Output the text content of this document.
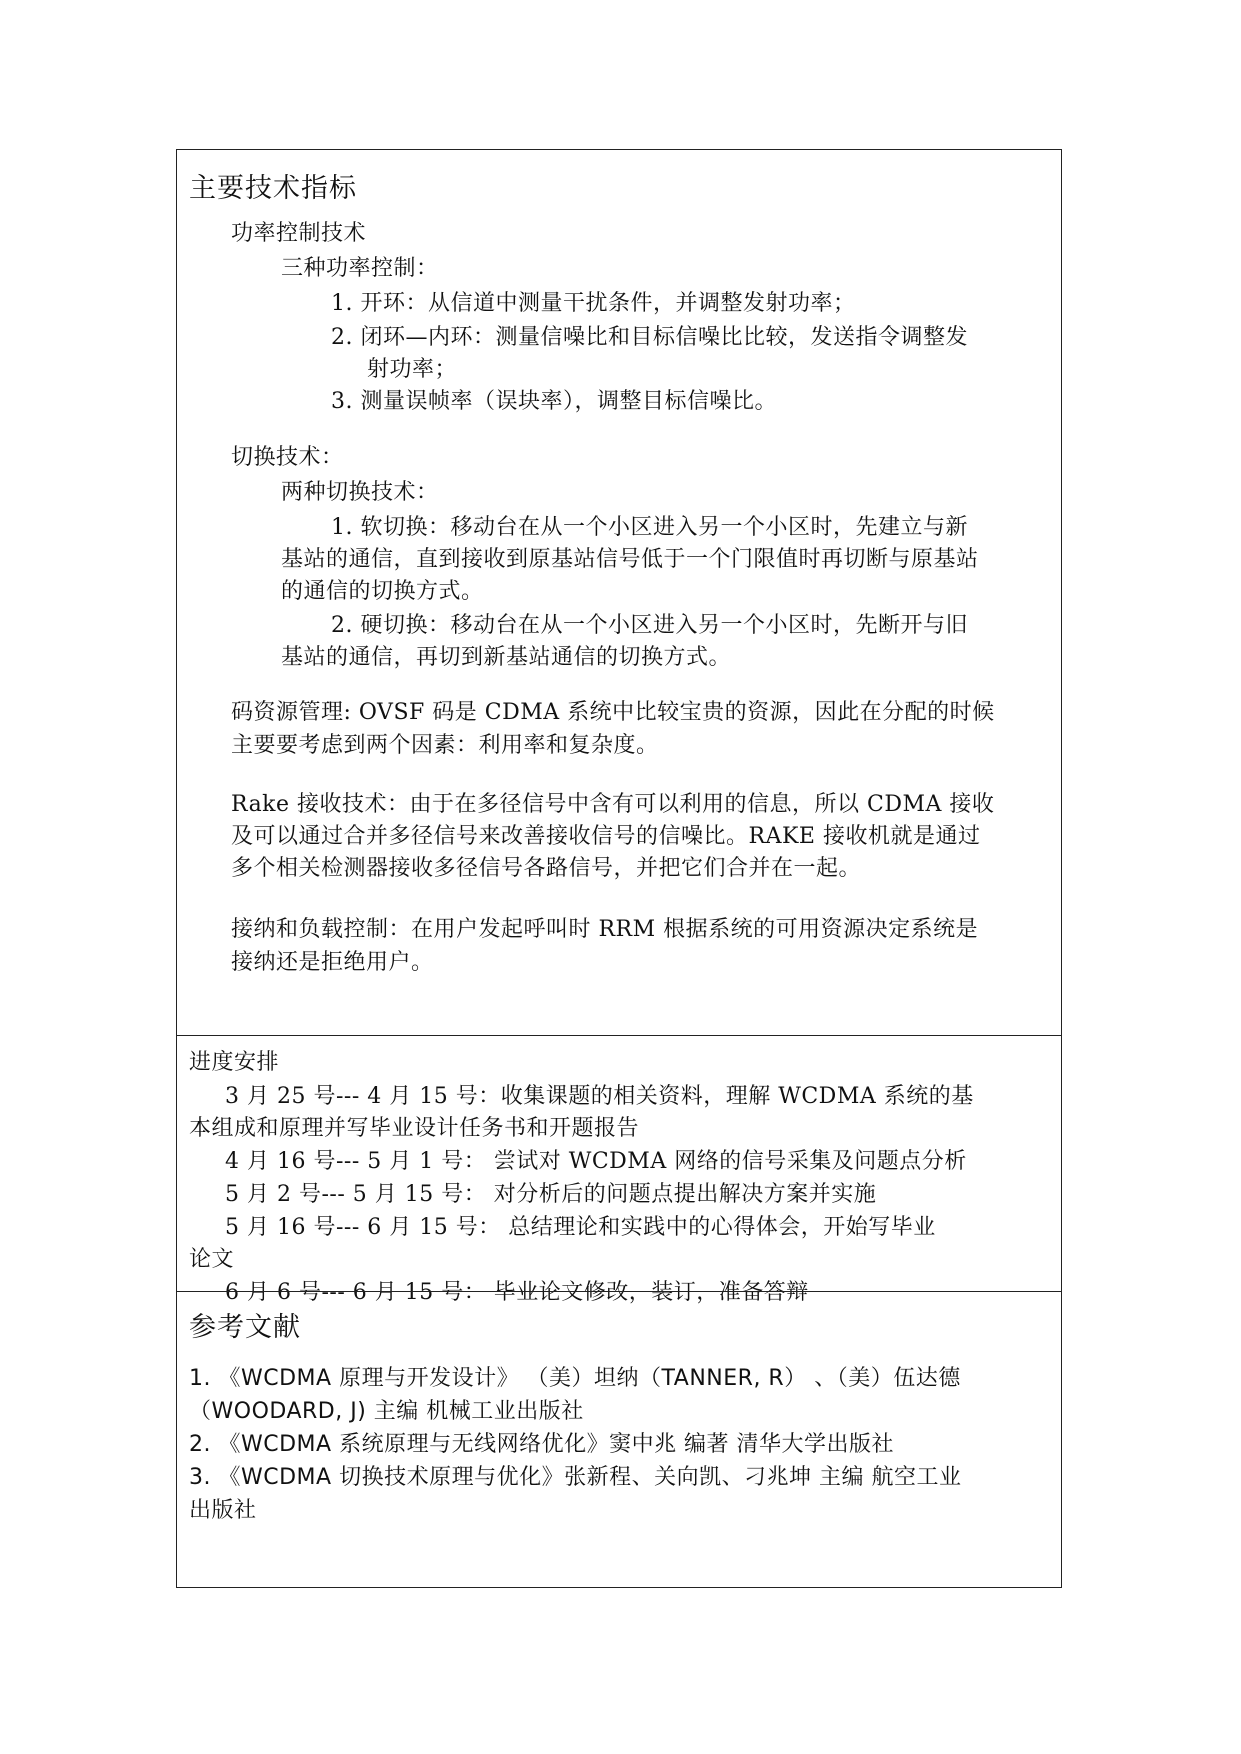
主要技术指标
功率控制技术
三种功率控制：
1. 开环：从信道中测量干扰条件，并调整发射功率；
2. 闭环—内环：测量信噪比和目标信噪比比较，发送指令调整发
射功率；
3. 测量误帧率（误块率），调整目标信噪比。
切换技术：
两种切换技术：
1. 软切换：移动台在从一个小区进入另一个小区时，先建立与新
基站的通信，直到接收到原基站信号低于一个门限值时再切断与原基站
的通信的切换方式。
2. 硬切换：移动台在从一个小区进入另一个小区时，先断开与旧
基站的通信，再切到新基站通信的切换方式。
码资源管理: OVSF 码是 CDMA 系统中比较宝贵的资源，因此在分配的时候
主要要考虑到两个因素：利用率和复杂度。
Rake 接收技术：由于在多径信号中含有可以利用的信息，所以 CDMA 接收
及可以通过合并多径信号来改善接收信号的信噪比。RAKE 接收机就是通过
多个相关检测器接收多径信号各路信号，并把它们合并在一起。
接纳和负载控制：在用户发起呼叫时 RRM 根据系统的可用资源决定系统是
接纳还是拒绝用户。
进度安排
3 月 25 号--- 4 月 15 号：收集课题的相关资料，理解 WCDMA 系统的基
本组成和原理并写毕业设计任务书和开题报告
4 月 16 号--- 5 月 1 号： 尝试对 WCDMA 网络的信号采集及问题点分析
5 月 2 号--- 5 月 15 号： 对分析后的问题点提出解决方案并实施
5 月 16 号--- 6 月 15 号： 总结理论和实践中的心得体会，开始写毕业
论文
6 月 6 号--- 6 月 15 号： 毕业论文修改，装订，准备答辩
参考文献
1. 《WCDMA 原理与开发设计》 （美）坦纳（TANNER, R） 、（美）伍达德
（WOODARD, J) 主编 机械工业出版社
2. 《WCDMA 系统原理与无线网络优化》窦中兆 编著 清华大学出版社
3. 《WCDMA 切换技术原理与优化》张新程、关向凯、刁兆坤 主编 航空工业
出版社
